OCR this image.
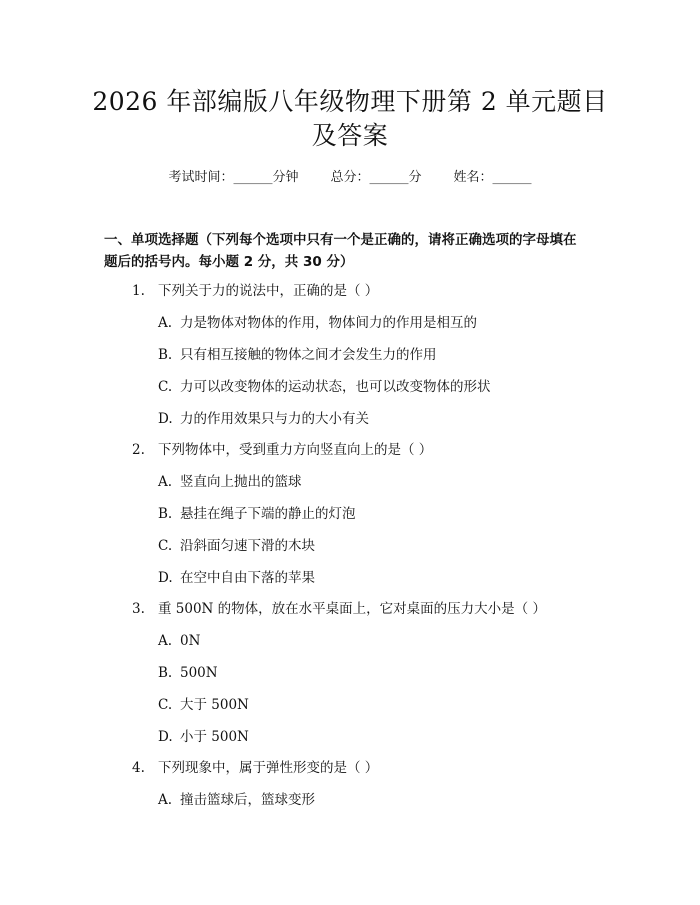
2026 年部编版八年级物理下册第 2 单元题目
及答案
考试时间：______分钟 总分：______分 姓名：______
一、单项选择题（下列每个选项中只有一个是正确的，请将正确选项的字母填在
题后的括号内。每小题 2 分，共 30 分）
1. 下列关于力的说法中，正确的是（ ）
A. 力是物体对物体的作用，物体间力的作用是相互的
B. 只有相互接触的物体之间才会发生力的作用
C. 力可以改变物体的运动状态，也可以改变物体的形状
D. 力的作用效果只与力的大小有关
2. 下列物体中，受到重力方向竖直向上的是（ ）
A. 竖直向上抛出的篮球
B. 悬挂在绳子下端的静止的灯泡
C. 沿斜面匀速下滑的木块
D. 在空中自由下落的苹果
3. 重 500N 的物体，放在水平桌面上，它对桌面的压力大小是（ ）
A. 0N
B. 500N
C. 大于 500N
D. 小于 500N
4. 下列现象中，属于弹性形变的是（ ）
A. 撞击篮球后，篮球变形
